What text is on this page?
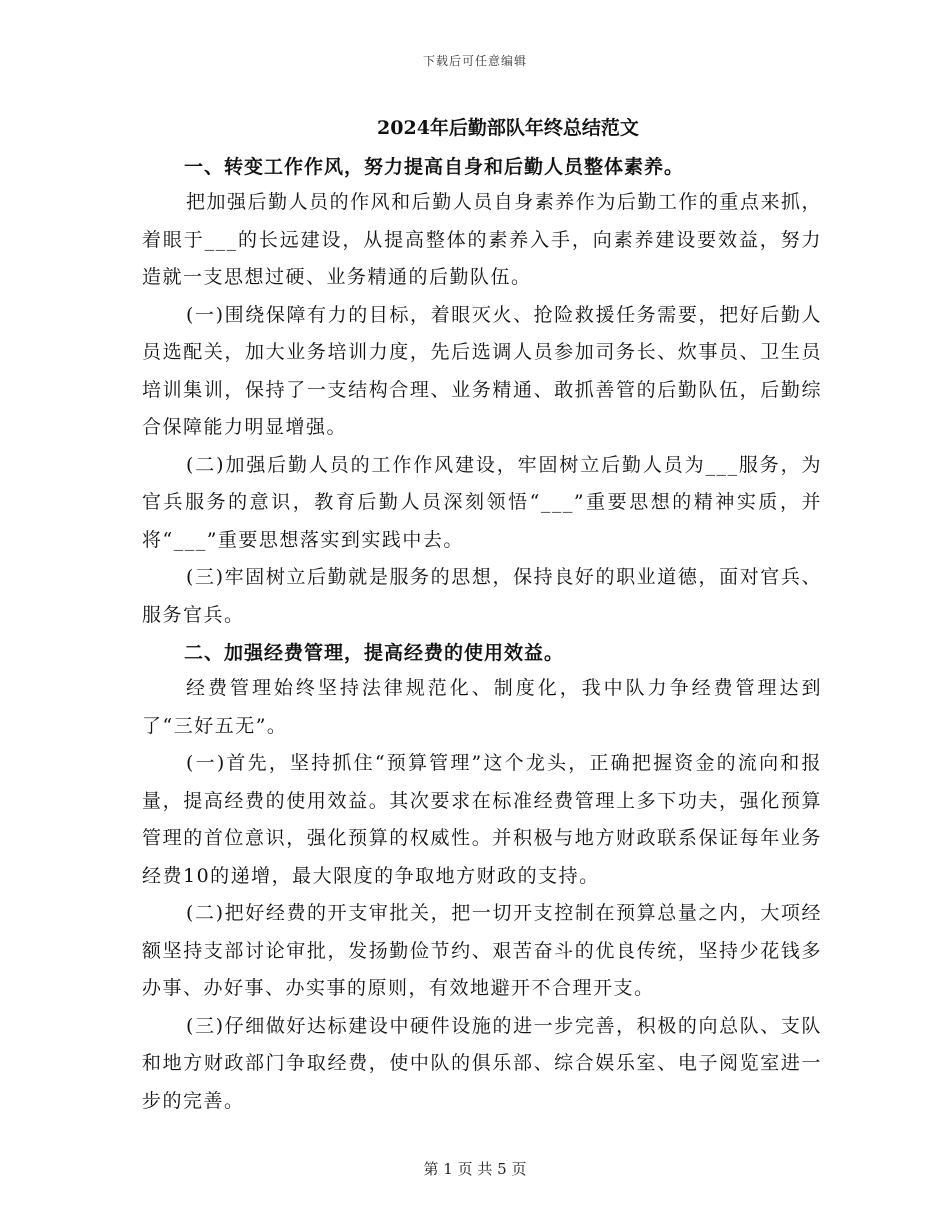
下载后可任意编辑
2024年后勤部队年终总结范文

一、转变工作作风，努力提高自身和后勤人员整体素养。

把加强后勤人员的作风和后勤人员自身素养作为后勤工作的重点来抓，着眼于___的长远建设，从提高整体的素养入手，向素养建设要效益，努力造就一支思想过硬、业务精通的后勤队伍。

(一)围绕保障有力的目标，着眼灭火、抢险救援任务需要，把好后勤人员选配关，加大业务培训力度，先后选调人员参加司务长、炊事员、卫生员培训集训，保持了一支结构合理、业务精通、敢抓善管的后勤队伍，后勤综合保障能力明显增强。

(二)加强后勤人员的工作作风建设，牢固树立后勤人员为___服务，为官兵服务的意识，教育后勤人员深刻领悟“___”重要思想的精神实质，并将“___”重要思想落实到实践中去。

(三)牢固树立后勤就是服务的思想，保持良好的职业道德，面对官兵、服务官兵。

二、加强经费管理，提高经费的使用效益。

经费管理始终坚持法律规范化、制度化，我中队力争经费管理达到了“三好五无”。

(一)首先，坚持抓住“预算管理”这个龙头，正确把握资金的流向和报量，提高经费的使用效益。其次要求在标准经费管理上多下功夫，强化预算管理的首位意识，强化预算的权威性。并积极与地方财政联系保证每年业务经费10的递增，最大限度的争取地方财政的支持。

(二)把好经费的开支审批关，把一切开支控制在预算总量之内，大项经额坚持支部讨论审批，发扬勤俭节约、艰苦奋斗的优良传统，坚持少花钱多办事、办好事、办实事的原则，有效地避开不合理开支。

(三)仔细做好达标建设中硬件设施的进一步完善，积极的向总队、支队和地方财政部门争取经费，使中队的俱乐部、综合娱乐室、电子阅览室进一步的完善。

第 1 页 共 5 页
